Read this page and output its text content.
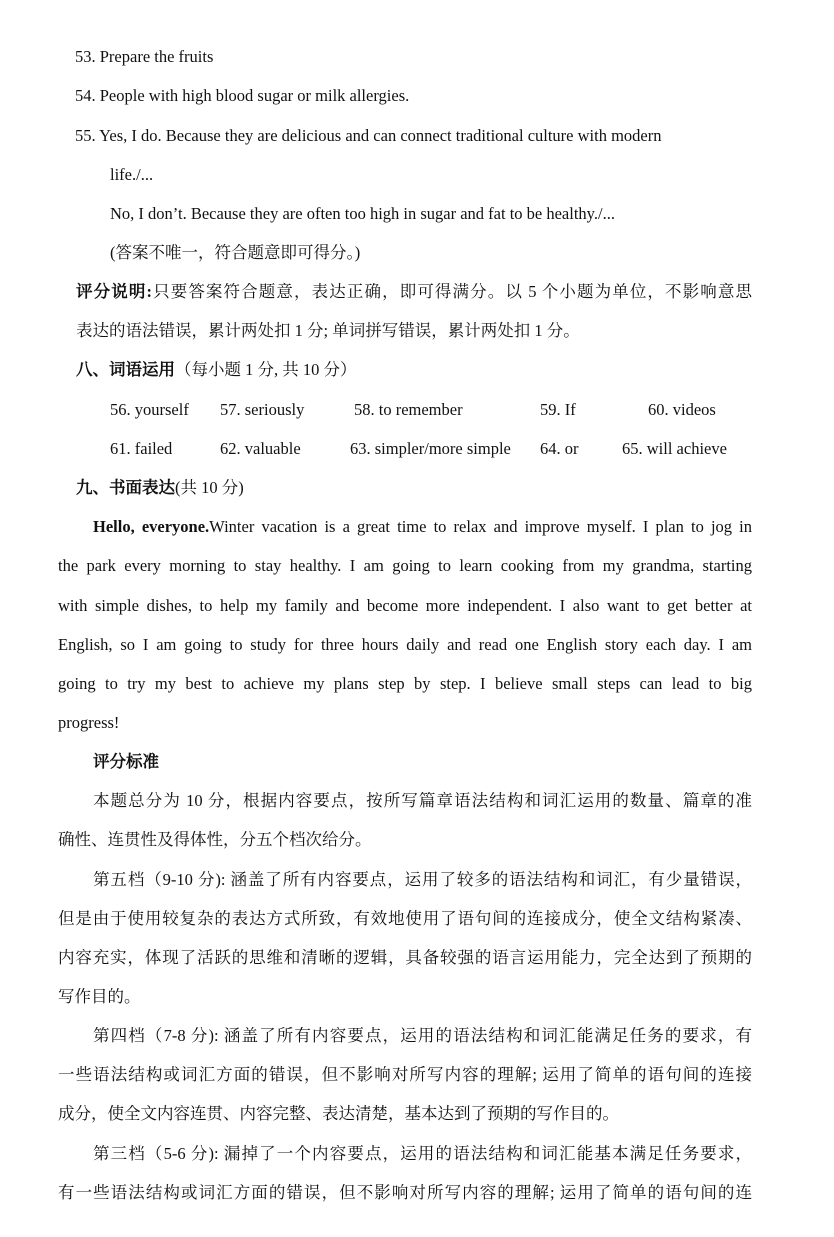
53. Prepare the fruits
54. People with high blood sugar or milk allergies.
55. Yes, I do. Because they are delicious and can connect traditional culture with modern
life./...
No, I don’t. Because they are often too high in sugar and fat to be healthy./...
(答案不唯一，符合题意即可得分。)
评分说明:只要答案符合题意，表达正确，即可得满分。以 5 个小题为单位，不影响意思
表达的语法错误，累计两处扣 1 分; 单词拼写错误，累计两处扣 1 分。
八、词语运用（每小题 1 分, 共 10 分）
56. yourself 57. seriously	58. to remember	59. If	60. videos
61. failed	62. valuable	63. simpler/more simple 64. or	65. will achieve
九、书面表达(共 10 分)
Hello, everyone.Winter vacation is a great time to relax and improve myself. I plan to jog in
the park every morning to stay healthy. I am going to learn cooking from my grandma, starting
with simple dishes, to help my family and become more independent. I also want to get better at
English, so I am going to study for three hours daily and read one English story each day. I am
going to try my best to achieve my plans step by step. I believe small steps can lead to big
progress!
评分标准
本题总分为 10 分，根据内容要点，按所写篇章语法结构和词汇运用的数量、篇章的准
确性、连贯性及得体性，分五个档次给分。
第五档（9-10 分): 涵盖了所有内容要点，运用了较多的语法结构和词汇，有少量错误，
但是由于使用较复杂的表达方式所致，有效地使用了语句间的连接成分，使全文结构紧凑、
内容充实，体现了活跃的思维和清晰的逻辑，具备较强的语言运用能力，完全达到了预期的
写作目的。
第四档（7-8 分): 涵盖了所有内容要点，运用的语法结构和词汇能满足任务的要求，有
一些语法结构或词汇方面的错误，但不影响对所写内容的理解; 运用了简单的语句间的连接
成分，使全文内容连贯、内容完整、表达清楚，基本达到了预期的写作目的。
第三档（5-6 分): 漏掉了一个内容要点，运用的语法结构和词汇能基本满足任务要求，
有一些语法结构或词汇方面的错误，但不影响对所写内容的理解; 运用了简单的语句间的连
